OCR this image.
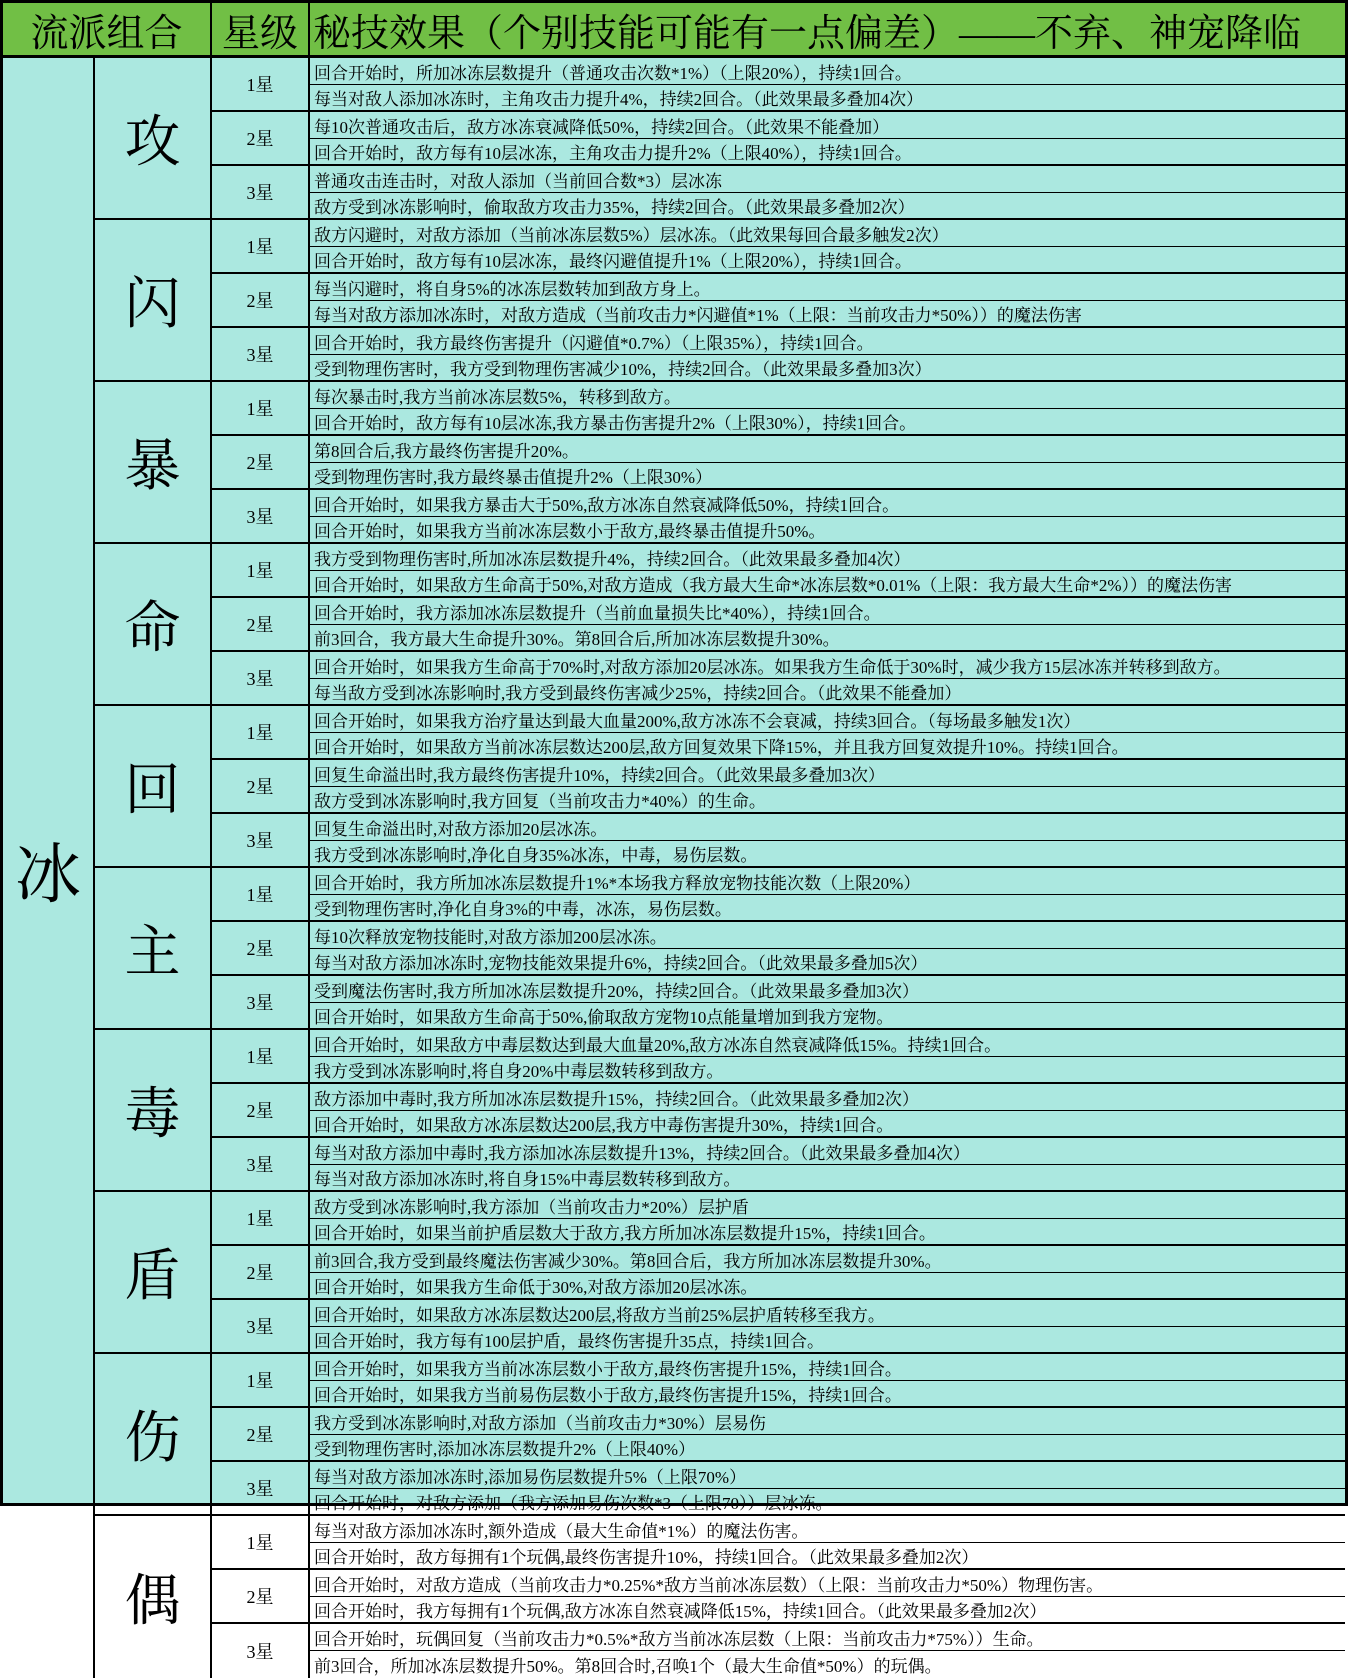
流派组合	星级 秘技效果（个别技能可能有一点偏差）——不弃、神宠降临
冰
攻
1星
回合开始时，所加冰冻层数提升（普通攻击次数*1%）（上限20%），持续1回合。
每当对敌人添加冰冻时，主角攻击力提升4%，持续2回合。（此效果最多叠加4次）
2星
每10次普通攻击后，敌方冰冻衰减降低50%，持续2回合。（此效果不能叠加）
回合开始时，敌方每有10层冰冻，主角攻击力提升2%（上限40%），持续1回合。
3星
普通攻击连击时，对敌人添加（当前回合数*3）层冰冻
敌方受到冰冻影响时，偷取敌方攻击力35%，持续2回合。（此效果最多叠加2次）
闪
1星
敌方闪避时，对敌方添加（当前冰冻层数5%）层冰冻。（此效果每回合最多触发2次）
回合开始时，敌方每有10层冰冻，最终闪避值提升1%（上限20%），持续1回合。
2星
每当闪避时，将自身5%的冰冻层数转加到敌方身上。
每当对敌方添加冰冻时，对敌方造成（当前攻击力*闪避值*1%（上限：当前攻击力*50%））的魔法伤害
3星
回合开始时，我方最终伤害提升（闪避值*0.7%）（上限35%），持续1回合。
受到物理伤害时，我方受到物理伤害减少10%，持续2回合。（此效果最多叠加3次）
暴
1星
每次暴击时,我方当前冰冻层数5%，转移到敌方。
回合开始时，敌方每有10层冰冻,我方暴击伤害提升2%（上限30%），持续1回合。
2星
第8回合后,我方最终伤害提升20%。
受到物理伤害时,我方最终暴击值提升2%（上限30%）
3星
回合开始时，如果我方暴击大于50%,敌方冰冻自然衰减降低50%，持续1回合。
回合开始时，如果我方当前冰冻层数小于敌方,最终暴击值提升50%。
命
1星
我方受到物理伤害时,所加冰冻层数提升4%，持续2回合。（此效果最多叠加4次）
回合开始时，如果敌方生命高于50%,对敌方造成（我方最大生命*冰冻层数*0.01%（上限：我方最大生命*2%））的魔法伤害
2星
回合开始时，我方添加冰冻层数提升（当前血量损失比*40%），持续1回合。
前3回合，我方最大生命提升30%。第8回合后,所加冰冻层数提升30%。
3星
回合开始时，如果我方生命高于70%时,对敌方添加20层冰冻。如果我方生命低于30%时，减少我方15层冰冻并转移到敌方。
每当敌方受到冰冻影响时,我方受到最终伤害减少25%，持续2回合。（此效果不能叠加）
回
1星
回合开始时，如果我方治疗量达到最大血量200%,敌方冰冻不会衰减，持续3回合。（每场最多触发1次）
回合开始时，如果敌方当前冰冻层数达200层,敌方回复效果下降15%，并且我方回复效提升10%。持续1回合。
2星
回复生命溢出时,我方最终伤害提升10%，持续2回合。（此效果最多叠加3次）
敌方受到冰冻影响时,我方回复（当前攻击力*40%）的生命。
3星
回复生命溢出时,对敌方添加20层冰冻。
我方受到冰冻影响时,净化自身35%冰冻，中毒，易伤层数。
主
1星
回合开始时，我方所加冰冻层数提升1%*本场我方释放宠物技能次数（上限20%）
受到物理伤害时,净化自身3%的中毒，冰冻，易伤层数。
2星
每10次释放宠物技能时,对敌方添加200层冰冻。
每当对敌方添加冰冻时,宠物技能效果提升6%，持续2回合。（此效果最多叠加5次）
3星
受到魔法伤害时,我方所加冰冻层数提升20%，持续2回合。（此效果最多叠加3次）
回合开始时，如果敌方生命高于50%,偷取敌方宠物10点能量增加到我方宠物。
毒
1星
回合开始时，如果敌方中毒层数达到最大血量20%,敌方冰冻自然衰减降低15%。持续1回合。
我方受到冰冻影响时,将自身20%中毒层数转移到敌方。
2星
敌方添加中毒时,我方所加冰冻层数提升15%，持续2回合。（此效果最多叠加2次）
回合开始时，如果敌方冰冻层数达200层,我方中毒伤害提升30%，持续1回合。
3星
每当对敌方添加中毒时,我方添加冰冻层数提升13%，持续2回合。（此效果最多叠加4次）
每当对敌方添加冰冻时,将自身15%中毒层数转移到敌方。
盾
1星
敌方受到冰冻影响时,我方添加（当前攻击力*20%）层护盾
回合开始时，如果当前护盾层数大于敌方,我方所加冰冻层数提升15%，持续1回合。
2星
前3回合,我方受到最终魔法伤害减少30%。第8回合后，我方所加冰冻层数提升30%。
回合开始时，如果我方生命低于30%,对敌方添加20层冰冻。
3星
回合开始时，如果敌方冰冻层数达200层,将敌方当前25%层护盾转移至我方。
回合开始时，我方每有100层护盾，最终伤害提升35点，持续1回合。
伤
1星
回合开始时，如果我方当前冰冻层数小于敌方,最终伤害提升15%，持续1回合。
回合开始时，如果我方当前易伤层数小于敌方,最终伤害提升15%，持续1回合。
2星
我方受到冰冻影响时,对敌方添加（当前攻击力*30%）层易伤
受到物理伤害时,添加冰冻层数提升2%（上限40%）
3星
每当对敌方添加冰冻时,添加易伤层数提升5%（上限70%）
回合开始时，对敌方添加（我方添加易伤次数*3（上限70））层冰冻。
偶
1星
每当对敌方添加冰冻时,额外造成（最大生命值*1%）的魔法伤害。
回合开始时，敌方每拥有1个玩偶,最终伤害提升10%，持续1回合。（此效果最多叠加2次）
2星
回合开始时，对敌方造成（当前攻击力*0.25%*敌方当前冰冻层数）（上限：当前攻击力*50%）物理伤害。
回合开始时，我方每拥有1个玩偶,敌方冰冻自然衰减降低15%，持续1回合。（此效果最多叠加2次）
3星
回合开始时，玩偶回复（当前攻击力*0.5%*敌方当前冰冻层数（上限：当前攻击力*75%））生命。
前3回合，所加冰冻层数提升50%。第8回合时,召唤1个（最大生命值*50%）的玩偶。
